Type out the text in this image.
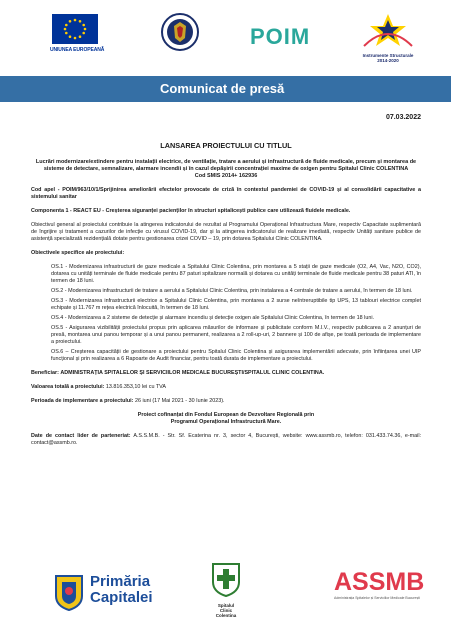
UNIUNEA EUROPEANĂ
POIM
Instrumente Structurale
2014-2020
Comunicat de presă
07.03.2022
LANSAREA PROIECTULUI CU TITLUL
Lucrări modernizare/extindere pentru instalații electrice, de ventilație, tratare a aerului și infrastructură de fluide medicale, precum și montarea de sisteme de detectare, semnalizare, alarmare incendii și în cazul depășirii concentrației maxime de oxigen pentru Spitalul Clinic COLENTINA
Cod SMIS 2014+ 162936

Cod apel - POIM/963/10/1/Sprijinirea ameliorării efectelor provocate de criză în contextul pandemiei de COVID-19 și al consolidării capacitative a sistemului sanitar

Componenta 1 - REACT EU - Creșterea siguranței pacienților în structuri spitalicești publice care utilizează fluidele medicale.

Obiectivul general al proiectului contribuie la atingerea indicatorului de rezultat al Programului Operațional Infrastructura Mare, respectiv Capacitate suplimentară de îngrijire și tratament a cazurilor de infecție cu virusul COVID-19, dar și la atingerea indicatorului de realizare imediată, respectiv Unități sanitare publice de asistență specializată rezidențială dotate pentru gestionarea crizei COVID – 19, prin dotarea Spitalului Clinic COLENTINA.

Obiectivele specifice ale proiectului:

OS.1 - Modernizarea infrastructurii de gaze medicale a Spitalului Clinic Colentina, prin montarea a 5 stații de gaze medicale (O2, A4, Vac, N2O, CO2), dotarea cu unități terminale de fluide medicale pentru 87 paturi spitalizare normală și dotarea cu unități terminale de fluide medicale pentru 38 paturi ATI, în termen de 18 luni.
OS.2 - Modernizarea infrastructurii de tratare a aerului a Spitalului Clinic Colentina, prin instalarea a 4 centrale de tratare a aerului, în termen de 18 luni.
OS.3 - Modernizarea infrastructurii electrice a Spitalului Clinic Colentina, prin montarea a 2 surse neîntreruptibile tip UPS, 13 tablouri electrice complet echipate și 11.767 m rețea electrică înlocuită, în termen de 18 luni.
OS.4 - Modernizarea a 2 sisteme de detecție și alarmare incendiu și detecție oxigen ale Spitalului Clinic Colentina, în termen de 18 luni.
OS.5 - Asigurarea vizibilității proiectului propus prin aplicarea măsurilor de informare și publicitate conform M.I.V., respectiv publicarea a 2 anunțuri de presă, montarea unui panou temporar și a unui panou permanent, realizarea a 2 roll-up-uri, 2 bannere și 100 de afișe, pe toată perioada de implementare a proiectului.
OS.6 – Creșterea capacității de gestionare a proiectului pentru Spitalul Clinic Colentina și asigurarea implementării adecvate, prin înființarea unei UIP funcțional și prin realizarea a 6 Rapoarte de Audit financiar, pentru toată durata de implementare a proiectului.

Beneficiar: ADMINISTRAȚIA SPITALELOR ȘI SERVICIILOR MEDICALE BUCUREȘTI/SPITALUL CLINIC COLENTINA.

Valoarea totală a proiectului: 13.816.353,10 lei cu TVA

Perioada de implementare a proiectului: 26 iuni (17 Mai 2021 - 30 Iunie 2023).

Proiect cofinanțat din Fondul European de Dezvoltare Regională prin
Programul Operațional Infrastructură Mare.

Date de contact lider de parteneriat: A.S.S.M.B. - Str. Sf. Ecaterina nr. 3, sector 4, București, website: www.assmb.ro, telefon: 031.433.74.36, e-mail: contact@assmb.ro.

Primăria
Capitalei	Spitalul
Clinic
Colentina
ASSMB
Administrația Spitalelor și Serviciilor Medicale București
